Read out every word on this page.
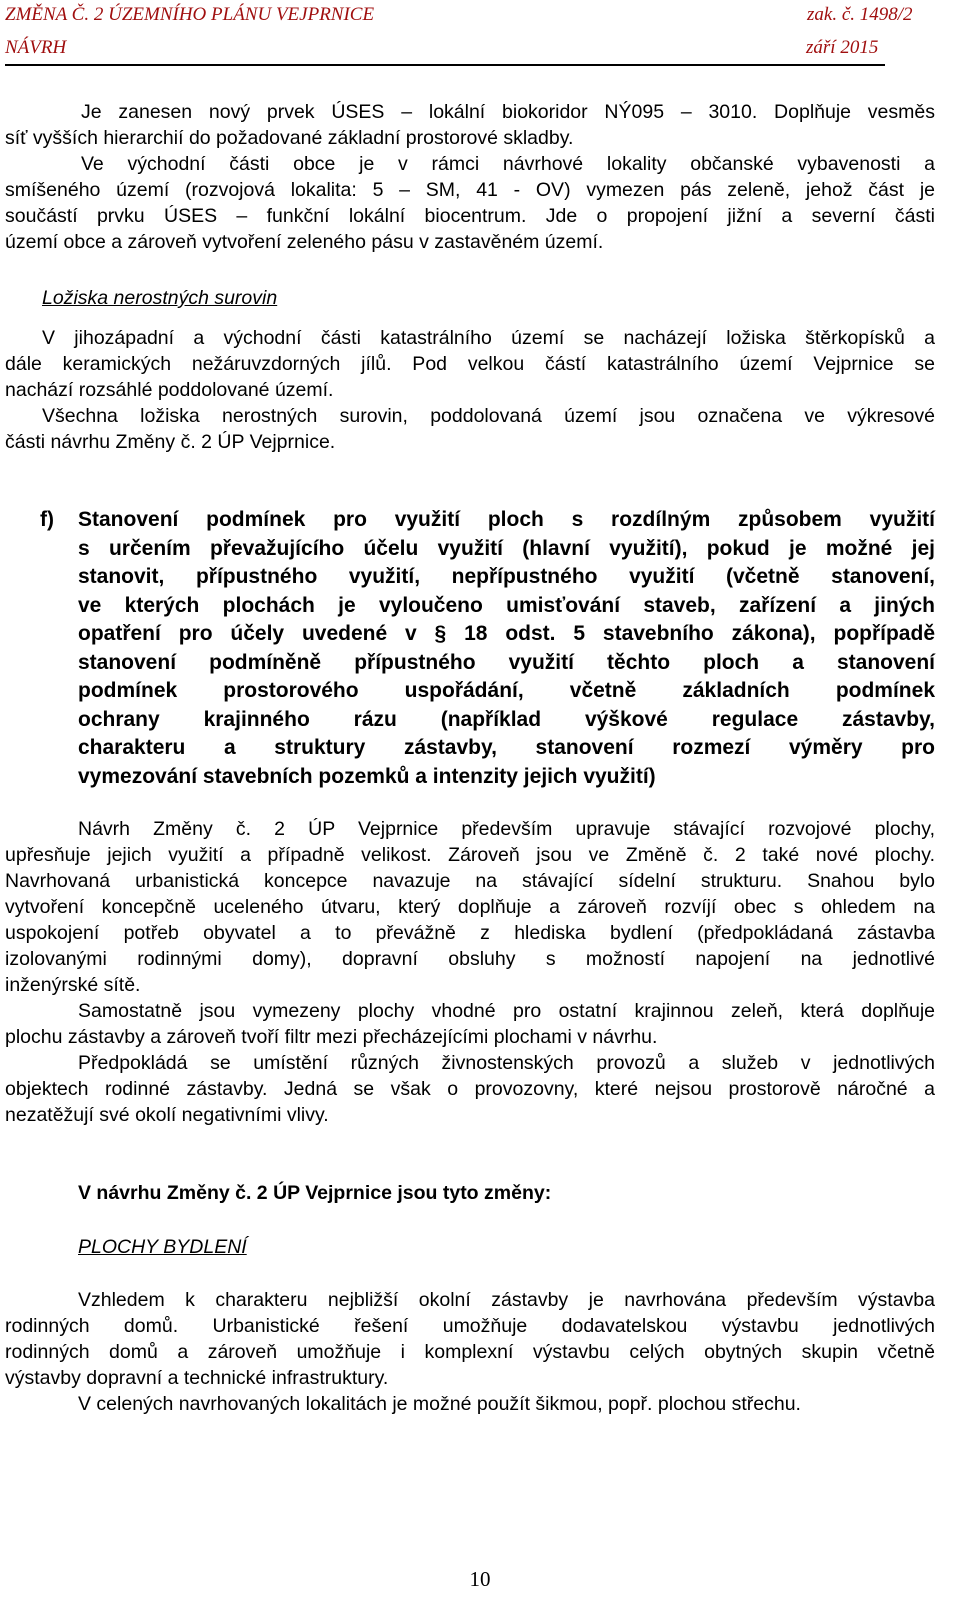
ZMĚNA Č. 2 ÚZEMNÍHO PLÁNU VEJPRNICE	zak. č. 1498/2
NÁVRH	září 2015
Je zanesen nový prvek ÚSES – lokální biokoridor NÝ095 – 3010. Doplňuje vesměs
síť vyšších hierarchií do požadované základní prostorové skladby.
Ve východní části obce je v rámci návrhové lokality občanské vybavenosti a
smíšeného území (rozvojová lokalita: 5 – SM, 41 - OV) vymezen pás zeleně, jehož část je
součástí prvku ÚSES – funkční lokální biocentrum. Jde o propojení jižní a severní části
území obce a zároveň vytvoření zeleného pásu v zastavěném území.
Ložiska nerostných surovin
V jihozápadní a východní části katastrálního území se nacházejí ložiska štěrkopísků a
dále keramických nežáruvzdorných jílů. Pod velkou částí katastrálního území Vejprnice se
nachází rozsáhlé poddolované území.
Všechna ložiska nerostných surovin, poddolovaná území jsou označena ve výkresové
části návrhu Změny č. 2 ÚP Vejprnice.
f) Stanovení podmínek pro využití ploch s rozdílným způsobem využití
s určením převažujícího účelu využití (hlavní využití), pokud je možné jej
stanovit, přípustného využití, nepřípustného využití (včetně stanovení,
ve kterých plochách je vyloučeno umisťování staveb, zařízení a jiných
opatření pro účely uvedené v § 18 odst. 5 stavebního zákona), popřípadě
stanovení podmíněně přípustného využití těchto ploch a stanovení
podmínek prostorového uspořádání, včetně základních podmínek
ochrany krajinného rázu (například výškové regulace zástavby,
charakteru a struktury zástavby, stanovení rozmezí výměry pro
vymezování stavebních pozemků a intenzity jejich využití)
Návrh Změny č. 2 ÚP Vejprnice především upravuje stávající rozvojové plochy,
upřesňuje jejich využití a případně velikost. Zároveň jsou ve Změně č. 2 také nové plochy.
Navrhovaná urbanistická koncepce navazuje na stávající sídelní strukturu. Snahou bylo
vytvoření koncepčně uceleného útvaru, který doplňuje a zároveň rozvíjí obec s ohledem na
uspokojení potřeb obyvatel a to převážně z hlediska bydlení (předpokládaná zástavba
izolovanými rodinnými domy), dopravní obsluhy s možností napojení na jednotlivé
inženýrské sítě.
Samostatně jsou vymezeny plochy vhodné pro ostatní krajinnou zeleň, která doplňuje
plochu zástavby a zároveň tvoří filtr mezi přecházejícími plochami v návrhu.
Předpokládá se umístění různých živnostenských provozů a služeb v jednotlivých
objektech rodinné zástavby. Jedná se však o provozovny, které nejsou prostorově náročné a
nezatěžují své okolí negativními vlivy.
V návrhu Změny č. 2 ÚP Vejprnice jsou tyto změny:
PLOCHY BYDLENÍ
Vzhledem k charakteru nejbližší okolní zástavby je navrhována především výstavba
rodinných domů. Urbanistické řešení umožňuje dodavatelskou výstavbu jednotlivých
rodinných domů a zároveň umožňuje i komplexní výstavbu celých obytných skupin včetně
výstavby dopravní a technické infrastruktury.
V celených navrhovaných lokalitách je možné použít šikmou, popř. plochou střechu.
10
